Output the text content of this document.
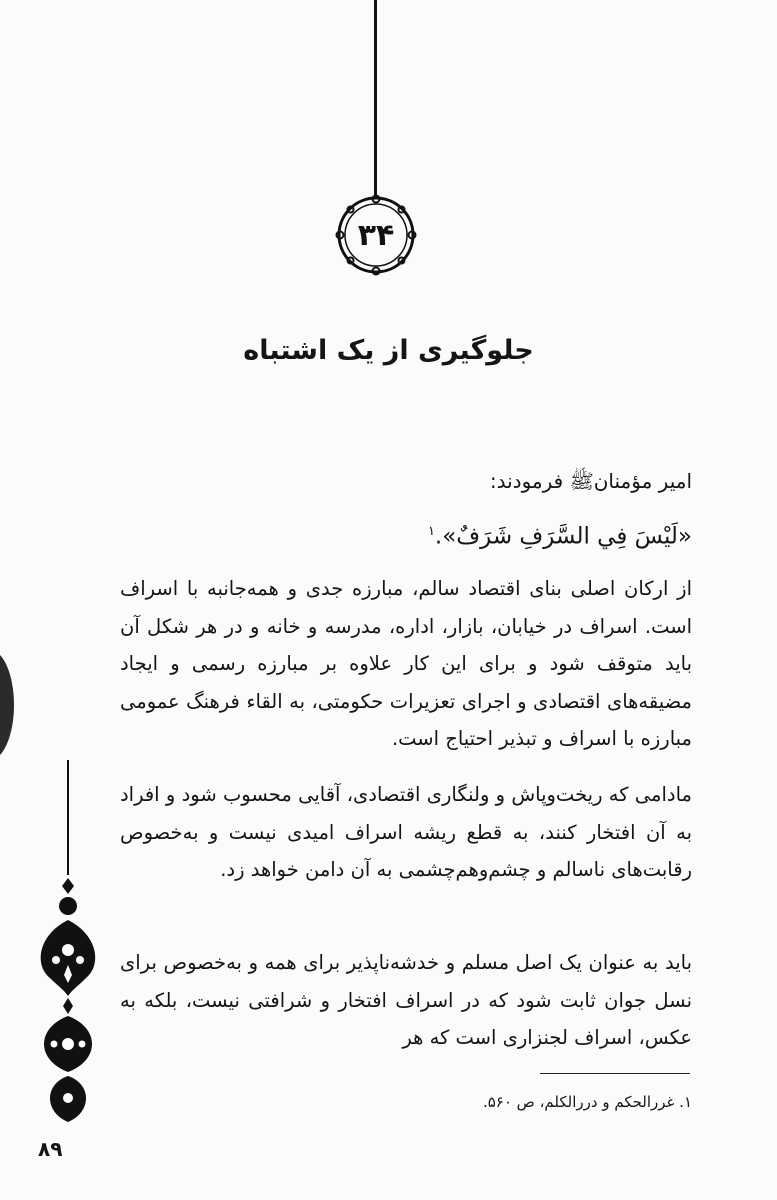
۳۴
جلوگیری از یک اشتباه
امیر مؤمنان‌ﷺ فرمودند:
«لَيْسَ فِي السَّرَفِ شَرَفٌ».$^۱$
از ارکان اصلی بنای اقتصاد سالم، مبارزه جدی و همه‌جانبه با اسراف است. اسراف در خیابان، بازار، اداره، مدرسه و خانه و در هر شکل آن باید متوقف شود و برای این کار علاوه بر مبارزه رسمی و ایجاد مضیقه‌های اقتصادی و اجرای تعزیرات حکومتی، به القاء فرهنگ عمومی مبارزه با اسراف و تبذیر احتیاج است.
مادامی که ریخت‌وپاش و ولنگاری اقتصادی، آقایی محسوب شود و افراد به آن افتخار کنند، به قطع ریشه اسراف امیدی نیست و به‌خصوص رقابت‌های ناسالم و چشم‌وهم‌چشمی به آن دامن خواهد زد.
باید به عنوان یک اصل مسلم و خدشه‌ناپذیر برای همه و به‌خصوص برای نسل جوان ثابت شود که در اسراف افتخار و شرافتی نیست، بلکه به عکس، اسراف لجنزاری است که هر
۱. غررالحکم و دررالکلم، ص ۵۶۰.
۸۹
